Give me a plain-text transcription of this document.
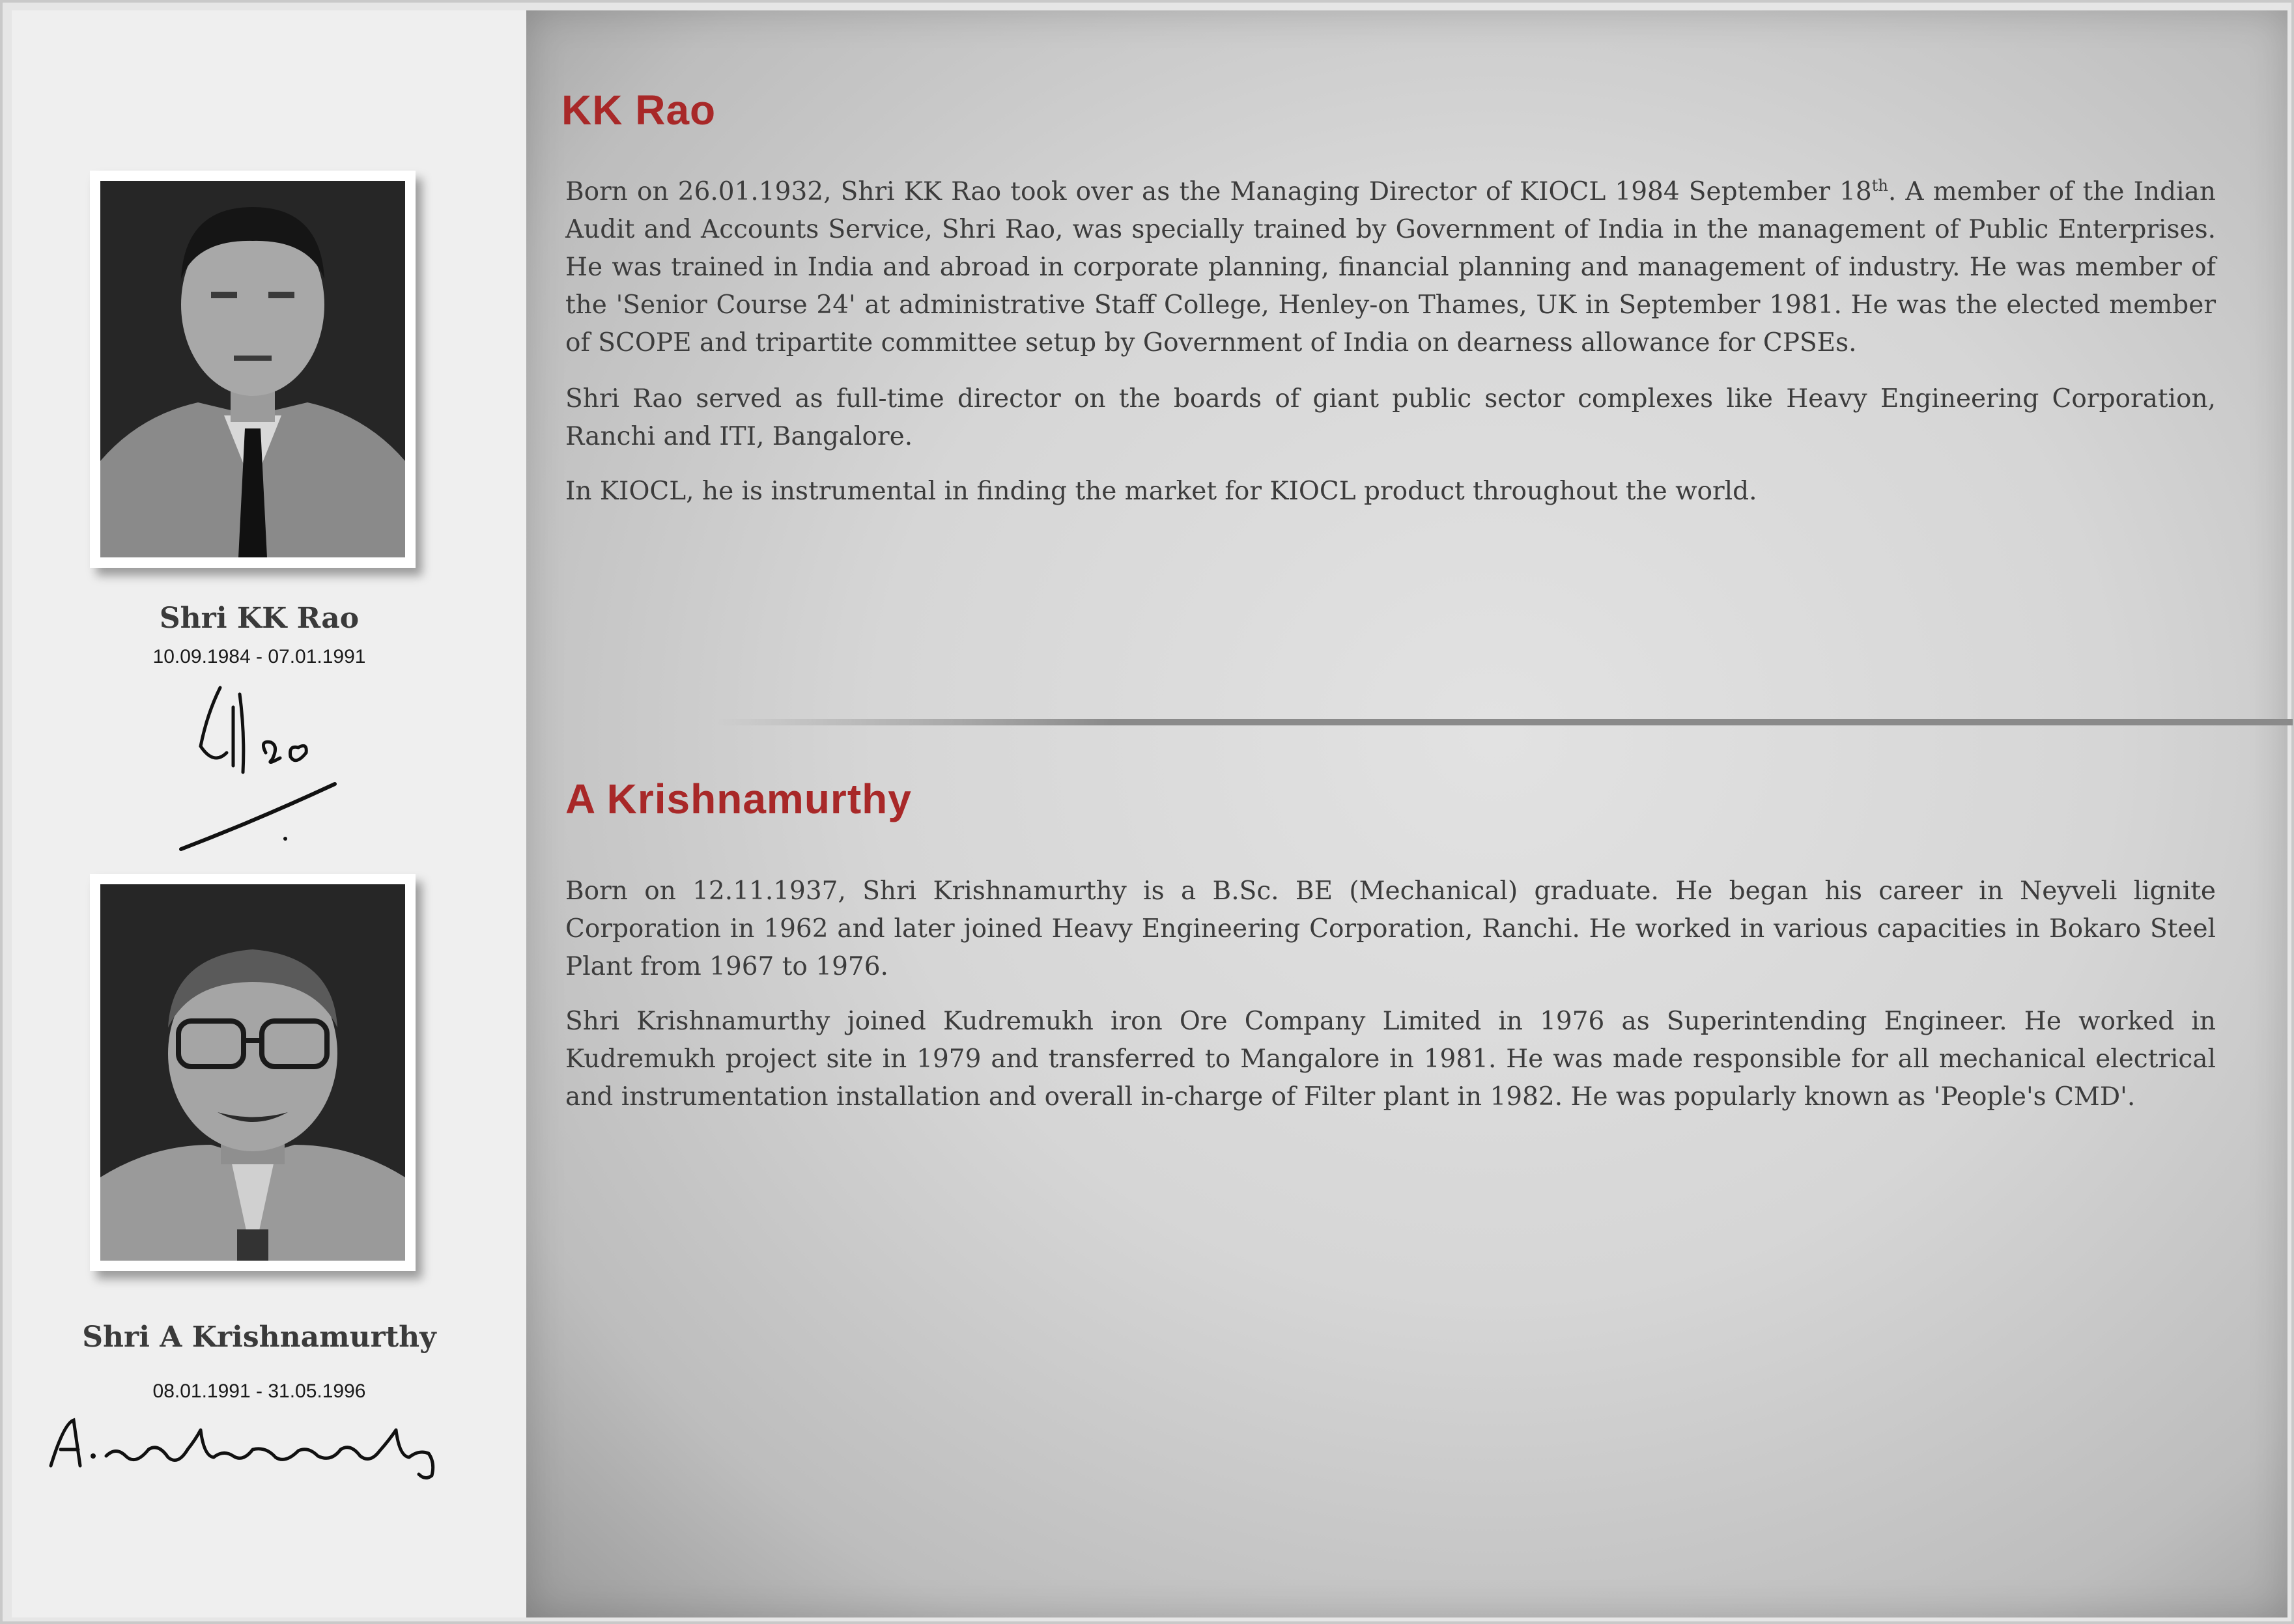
Shri KK Rao
10.09.1984 - 07.01.1991
Shri A Krishnamurthy
08.01.1991 - 31.05.1996
KK Rao
Born on 26.01.1932, Shri KK Rao took over as the Managing Director of KIOCL 1984 September 18th. A member of the Indian Audit and Accounts Service, Shri Rao, was specially trained by Government of India in the management of Public Enterprises. He was trained in India and abroad in corporate planning, financial planning and management of industry. He was member of the 'Senior Course 24' at administrative Staff College, Henley-on Thames, UK in September 1981. He was the elected member of SCOPE and tripartite committee setup by Government of India on dearness allowance for CPSEs.
Shri Rao served as full-time director on the boards of giant public sector complexes like Heavy Engineering Corporation, Ranchi and ITI, Bangalore.
In KIOCL, he is instrumental in finding the market for KIOCL product throughout the world.
A Krishnamurthy
Born on 12.11.1937, Shri Krishnamurthy is a B.Sc. BE (Mechanical) graduate. He began his career in Neyveli lignite Corporation in 1962 and later joined Heavy Engineering Corporation, Ranchi. He worked in various capacities in Bokaro Steel Plant from 1967 to 1976.
Shri Krishnamurthy joined Kudremukh iron Ore Company Limited in 1976 as Superintending Engineer. He worked in Kudremukh project site in 1979 and transferred to Mangalore in 1981. He was made responsible for all mechanical electrical and instrumentation installation and overall in-charge of Filter plant in 1982. He was popularly known as 'People's CMD'.
